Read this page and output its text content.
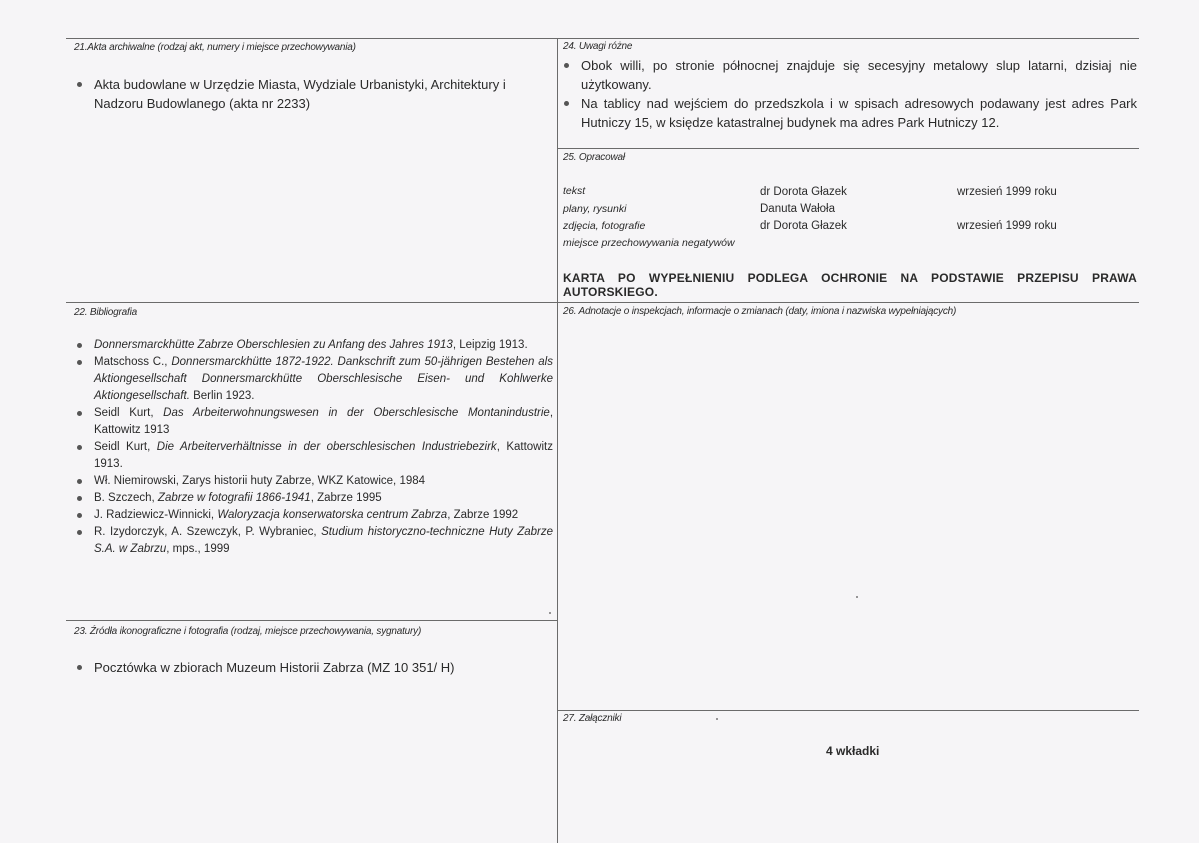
21.Akta archiwalne (rodzaj akt, numery i miejsce przechowywania)
Akta budowlane w Urzędzie Miasta, Wydziale Urbanistyki, Architektury i Nadzoru Budowlanego (akta nr 2233)
24. Uwagi różne
Obok willi, po stronie północnej znajduje się secesyjny metalowy slup latarni, dzisiaj nie użytkowany.
Na tablicy nad wejściem do przedszkola i w spisach adresowych podawany jest adres Park Hutniczy 15, w księdze katastralnej budynek ma adres Park Hutniczy 12.
25. Opracował
tekst	dr Dorota Głazek	wrzesień 1999 roku
plany, rysunki	Danuta Wałoła
zdjęcia, fotografie	dr Dorota Głazek	wrzesień 1999 roku
miejsce przechowywania negatywów
KARTA PO WYPEŁNIENIU PODLEGA OCHRONIE NA PODSTAWIE PRZEPISU PRAWA AUTORSKIEGO.
22. Bibliografia
Donnersmarckhütte Zabrze Oberschlesien zu Anfang des Jahres 1913, Leipzig 1913.
Matschoss C., Donnersmarckhütte 1872-1922. Dankschrift zum 50-jährigen Bestehen als Aktiongesellschaft Donnersmarckhütte Oberschlesische Eisen- und Kohlwerke Aktiongesellschaft. Berlin 1923.
Seidl Kurt, Das Arbeiterwohnungswesen in der Oberschlesische Montanindustrie, Kattowitz 1913
Seidl Kurt, Die Arbeiterverhältnisse in der oberschlesischen Industriebezirk, Kattowitz 1913.
Wł. Niemirowski, Zarys historii huty Zabrze, WKZ Katowice, 1984
B. Szczech, Zabrze w fotografii 1866-1941, Zabrze 1995
J. Radziewicz-Winnicki, Waloryzacja konserwatorska centrum Zabrza, Zabrze 1992
R. Izydorczyk, A. Szewczyk, P. Wybraniec, Studium historyczno-techniczne Huty Zabrze S.A. w Zabrzu, mps., 1999
26. Adnotacje o inspekcjach, informacje o zmianach (daty, imiona i nazwiska wypełniających)
23. Źródła ikonograficzne i fotografia (rodzaj, miejsce przechowywania, sygnatury)
Pocztówka w zbiorach Muzeum Historii Zabrza (MZ 10 351/ H)
27. Załączniki
4 wkładki
